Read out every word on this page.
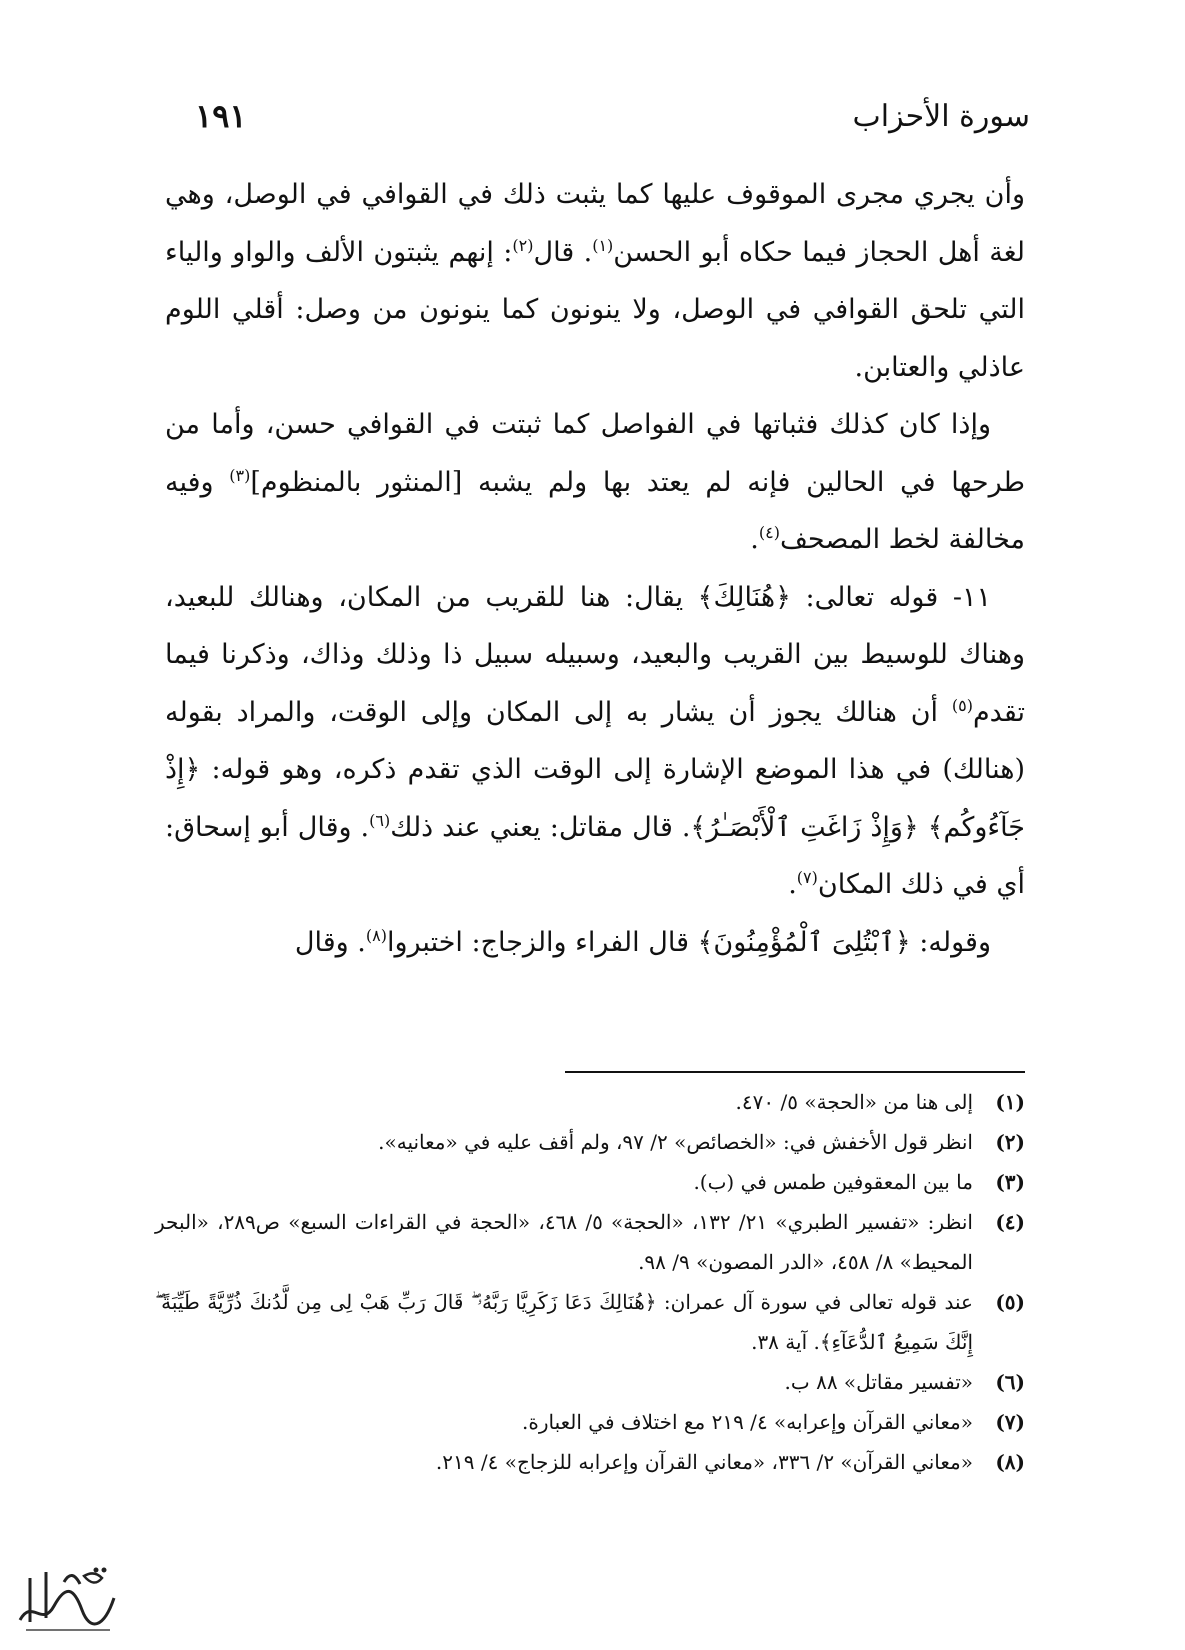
سورة الأحزاب
١٩١

وأن يجري مجرى الموقوف عليها كما يثبت ذلك في القوافي في الوصل، وهي لغة أهل الحجاز فيما حكاه أبو الحسن$^{(١)}$. قال$^{(٢)}$: إنهم يثبتون الألف والواو والياء التي تلحق القوافي في الوصل، ولا ينونون كما ينونون من وصل: أقلي اللوم عاذلي والعتابن.

وإذا كان كذلك فثباتها في الفواصل كما ثبتت في القوافي حسن، وأما من طرحها في الحالين فإنه لم يعتد بها ولم يشبه [المنثور بالمنظوم]$^{(٣)}$ وفيه مخالفة لخط المصحف$^{(٤)}$.

١١- قوله تعالى: ﴿هُنَالِكَ﴾ يقال: هنا للقريب من المكان، وهنالك للبعيد، وهناك للوسيط بين القريب والبعيد، وسبيله سبيل ذا وذلك وذاك، وذكرنا فيما تقدم$^{(٥)}$ أن هنالك يجوز أن يشار به إلى المكان وإلى الوقت، والمراد بقوله (هنالك) في هذا الموضع الإشارة إلى الوقت الذي تقدم ذكره، وهو قوله: ﴿إِذْ جَآءُوكُم﴾ ﴿وَإِذْ زَاغَتِ ٱلْأَبْصَـٰرُ﴾. قال مقاتل: يعني عند ذلك$^{(٦)}$. وقال أبو إسحاق: أي في ذلك المكان$^{(٧)}$.

وقوله: ﴿ٱبْتُلِىَ ٱلْمُؤْمِنُونَ﴾ قال الفراء والزجاج: اختبروا$^{(٨)}$. وقال

(١)
إلى هنا من «الحجة» ٥/ ٤٧٠.
(٢)
انظر قول الأخفش في: «الخصائص» ٢/ ٩٧، ولم أقف عليه في «معانيه».
(٣)
ما بين المعقوفين طمس في (ب).
(٤)
انظر: «تفسير الطبري» ٢١/ ١٣٢، «الحجة» ٥/ ٤٦٨، «الحجة في القراءات السبع» ص٢٨٩، «البحر المحيط» ٨/ ٤٥٨، «الدر المصون» ٩/ ٩٨.
(٥)
عند قوله تعالى في سورة آل عمران: ﴿هُنَالِكَ دَعَا زَكَرِيَّا رَبَّهُۥ ۖ قَالَ رَبِّ هَبْ لِى مِن لَّدُنكَ ذُرِّيَّةً طَيِّبَةً ۖ إِنَّكَ سَمِيعُ ٱلدُّعَآءِ﴾. آية ٣٨.
(٦)
«تفسير مقاتل» ٨٨ ب.
(٧)
«معاني القرآن وإعرابه» ٤/ ٢١٩ مع اختلاف في العبارة.
(٨)
«معاني القرآن» ٢/ ٣٣٦، «معاني القرآن وإعرابه للزجاج» ٤/ ٢١٩.
